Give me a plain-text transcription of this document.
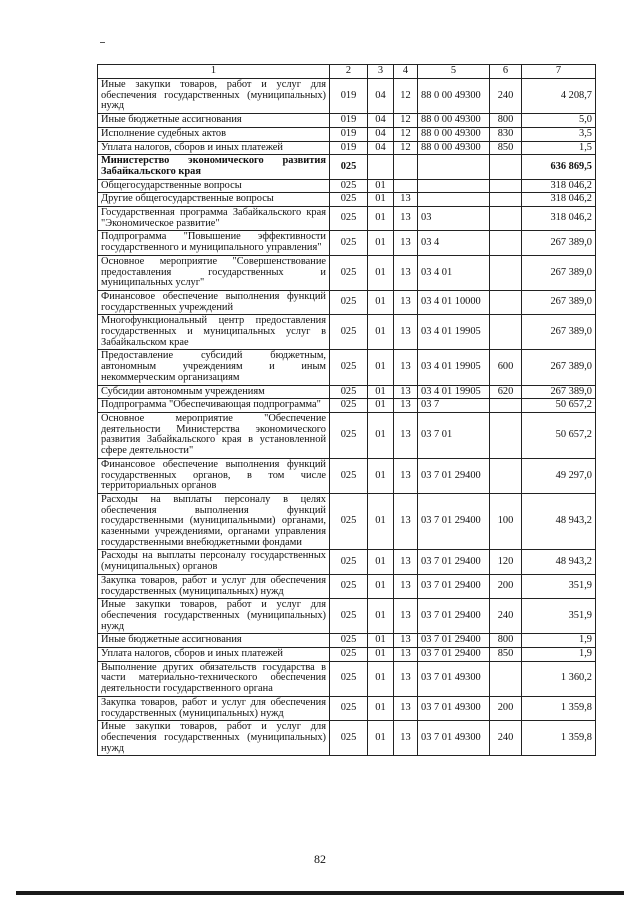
1	2	3	4	5	6	7
Иные закупки товаров, работ и услуг для обеспечения государственных (муниципальных) нужд	019	04	12	88 0 00 49300	240	4 208,7
Иные бюджетные ассигнования	019	04	12	88 0 00 49300	800	5,0
Исполнение судебных актов	019	04	12	88 0 00 49300	830	3,5
Уплата налогов, сборов и иных платежей	019	04	12	88 0 00 49300	850	1,5
Министерство экономического развития Забайкальского края	025					636 869,5
Общегосударственные вопросы	025	01				318 046,2
Другие общегосударственные вопросы	025	01	13			318 046,2
Государственная программа Забайкальского края "Экономическое развитие"	025	01	13	03		318 046,2
Подпрограмма "Повышение эффективности государственного и муниципального управления"	025	01	13	03 4		267 389,0
Основное мероприятие "Совершенствование предоставления государственных и муниципальных услуг"	025	01	13	03 4 01		267 389,0
Финансовое обеспечение выполнения функций государственных учреждений	025	01	13	03 4 01 10000		267 389,0
Многофункциональный центр предоставления государственных и муниципальных услуг в Забайкальском крае	025	01	13	03 4 01 19905		267 389,0
Предоставление субсидий бюджетным, автономным учреждениям и иным некоммерческим организациям	025	01	13	03 4 01 19905	600	267 389,0
Субсидии автономным учреждениям	025	01	13	03 4 01 19905	620	267 389,0
Подпрограмма "Обеспечивающая подпрограмма"	025	01	13	03 7		50 657,2
Основное мероприятие "Обеспечение деятельности Министерства экономического развития Забайкальского края в установленной сфере деятельности"	025	01	13	03 7 01		50 657,2
Финансовое обеспечение выполнения функций государственных органов, в том числе территориальных органов	025	01	13	03 7 01 29400		49 297,0
Расходы на выплаты персоналу в целях обеспечения выполнения функций государственными (муниципальными) органами, казенными учреждениями, органами управления государственными внебюджетными фондами	025	01	13	03 7 01 29400	100	48 943,2
Расходы на выплаты персоналу государственных (муниципальных) органов	025	01	13	03 7 01 29400	120	48 943,2
Закупка товаров, работ и услуг для обеспечения государственных (муниципальных) нужд	025	01	13	03 7 01 29400	200	351,9
Иные закупки товаров, работ и услуг для обеспечения государственных (муниципальных) нужд	025	01	13	03 7 01 29400	240	351,9
Иные бюджетные ассигнования	025	01	13	03 7 01 29400	800	1,9
Уплата налогов, сборов и иных платежей	025	01	13	03 7 01 29400	850	1,9
Выполнение других обязательств государства в части материально-технического обеспечения деятельности государственного органа	025	01	13	03 7 01 49300		1 360,2
Закупка товаров, работ и услуг для обеспечения государственных (муниципальных) нужд	025	01	13	03 7 01 49300	200	1 359,8
Иные закупки товаров, работ и услуг для обеспечения государственных (муниципальных) нужд	025	01	13	03 7 01 49300	240	1 359,8
82
